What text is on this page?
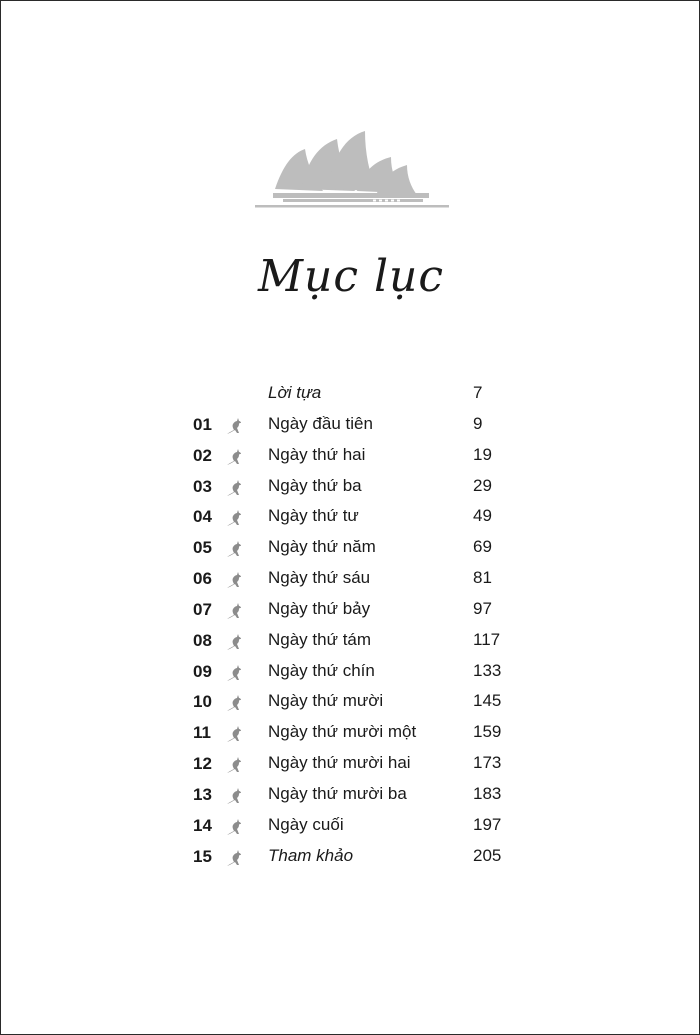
Mục lục
Lời tựa	7
01	Ngày đầu tiên	9
02	Ngày thứ hai	19
03	Ngày thứ ba	29
04	Ngày thứ tư	49
05	Ngày thứ năm	69
06	Ngày thứ sáu	81
07	Ngày thứ bảy	97
08	Ngày thứ tám	117
09	Ngày thứ chín	133
10	Ngày thứ mười	145
11	Ngày thứ mười một	159
12	Ngày thứ mười hai	173
13	Ngày thứ mười ba	183
14	Ngày cuối	197
15	Tham khảo	205
